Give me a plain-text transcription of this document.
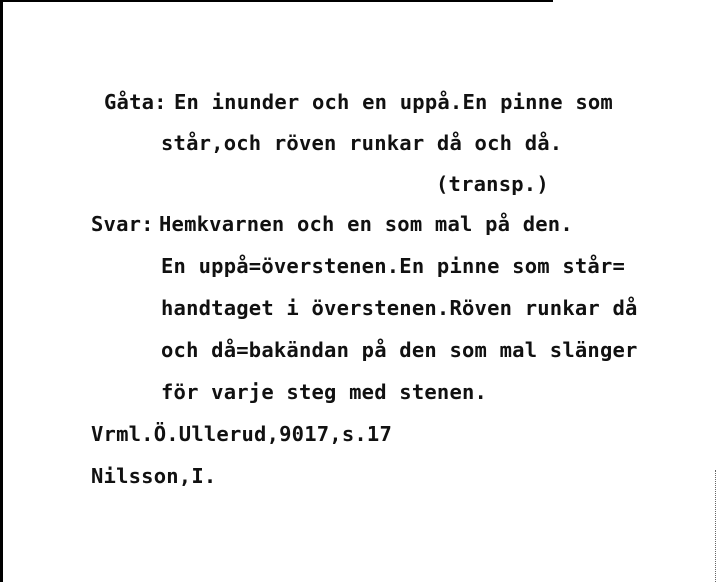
Gåta: En inunder och en uppå.En pinne som
står,och röven runkar då och då.
(transp.)
Svar: Hemkvarnen och en som mal på den.
En uppå=överstenen.En pinne som står=
handtaget i överstenen.Röven runkar då
och då=bakändan på den som mal slänger
för varje steg med stenen.
Vrml.Ö.Ullerud,9017,s.17
Nilsson,I.
